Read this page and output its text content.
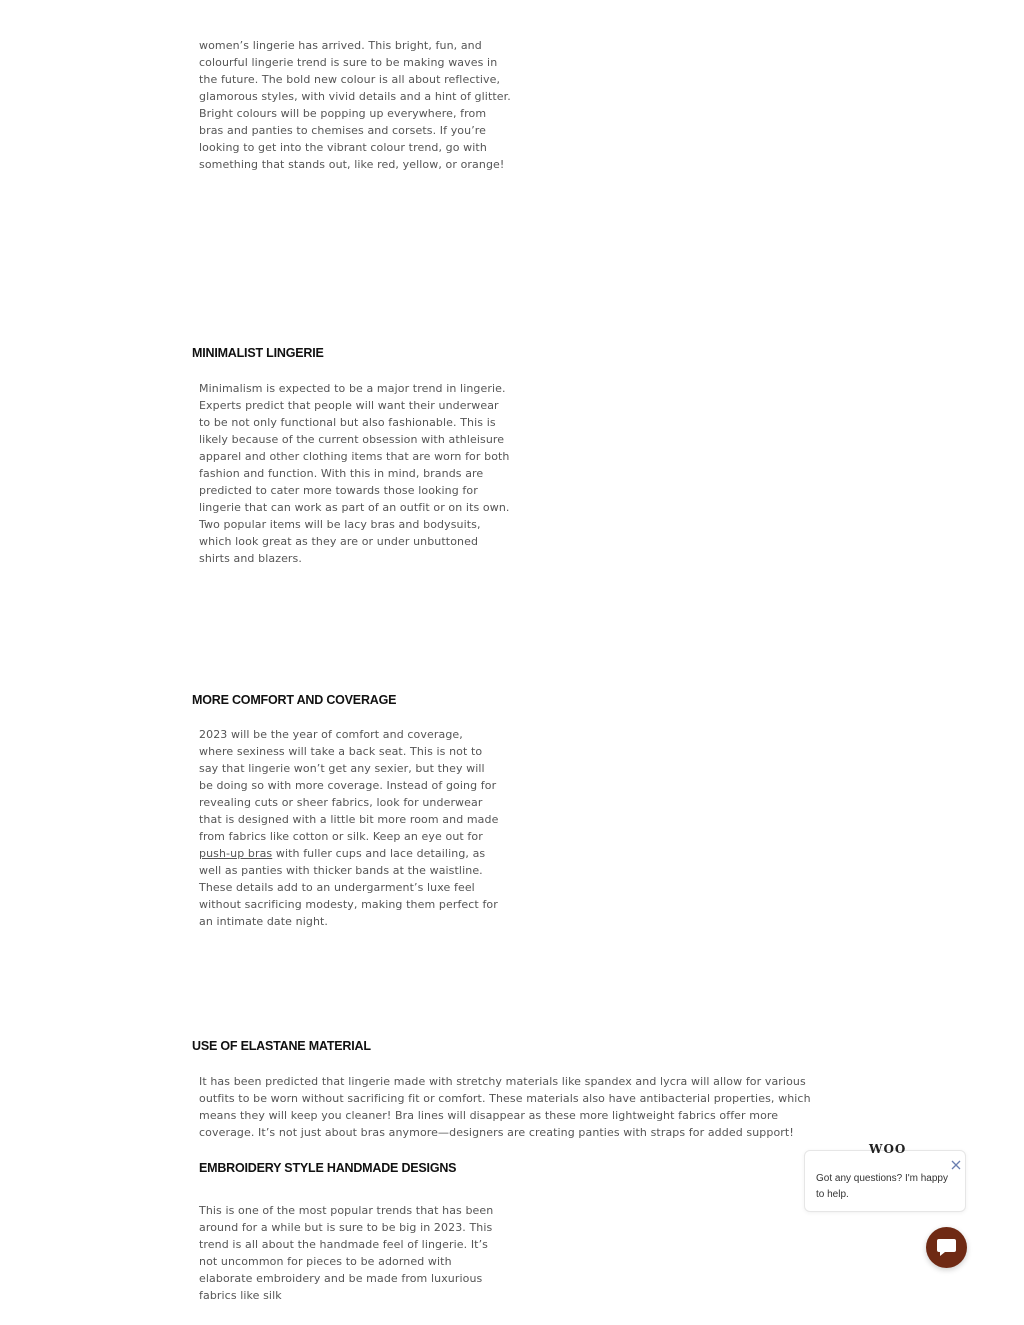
women’s lingerie has arrived. This bright, fun, and colourful lingerie trend is sure to be making waves in the future. The bold new colour is all about reflective, glamorous styles, with vivid details and a hint of glitter. Bright colours will be popping up everywhere, from bras and panties to chemises and corsets. If you’re looking to get into the vibrant colour trend, go with something that stands out, like red, yellow, or orange!

MINIMALIST LINGERIE

Minimalism is expected to be a major trend in lingerie. Experts predict that people will want their underwear to be not only functional but also fashionable. This is likely because of the current obsession with athleisure apparel and other clothing items that are worn for both fashion and function. With this in mind, brands are predicted to cater more towards those looking for lingerie that can work as part of an outfit or on its own. Two popular items will be lacy bras and bodysuits, which look great as they are or under unbuttoned shirts and blazers.

MORE COMFORT AND COVERAGE

2023 will be the year of comfort and coverage, where sexiness will take a back seat. This is not to say that lingerie won’t get any sexier, but they will be doing so with more coverage. Instead of going for revealing cuts or sheer fabrics, look for underwear that is designed with a little bit more room and made from fabrics like cotton or silk. Keep an eye out for push-up bras with fuller cups and lace detailing, as well as panties with thicker bands at the waistline. These details add to an undergarment’s luxe feel without sacrificing modesty, making them perfect for an intimate date night.

USE OF ELASTANE MATERIAL

It has been predicted that lingerie made with stretchy materials like spandex and lycra will allow for various outfits to be worn without sacrificing fit or comfort. These materials also have antibacterial properties, which means they will keep you cleaner! Bra lines will disappear as these more lightweight fabrics offer more coverage. It’s not just about bras anymore—designers are creating panties with straps for added support!

EMBROIDERY STYLE HANDMADE DESIGNS

This is one of the most popular trends that has been around for a while but is sure to be big in 2023. This trend is all about the handmade feel of lingerie. It’s not uncommon for pieces to be adorned with elaborate embroidery and be made from luxurious fabrics like silk

Got any questions? I'm happy to help.
WOO
